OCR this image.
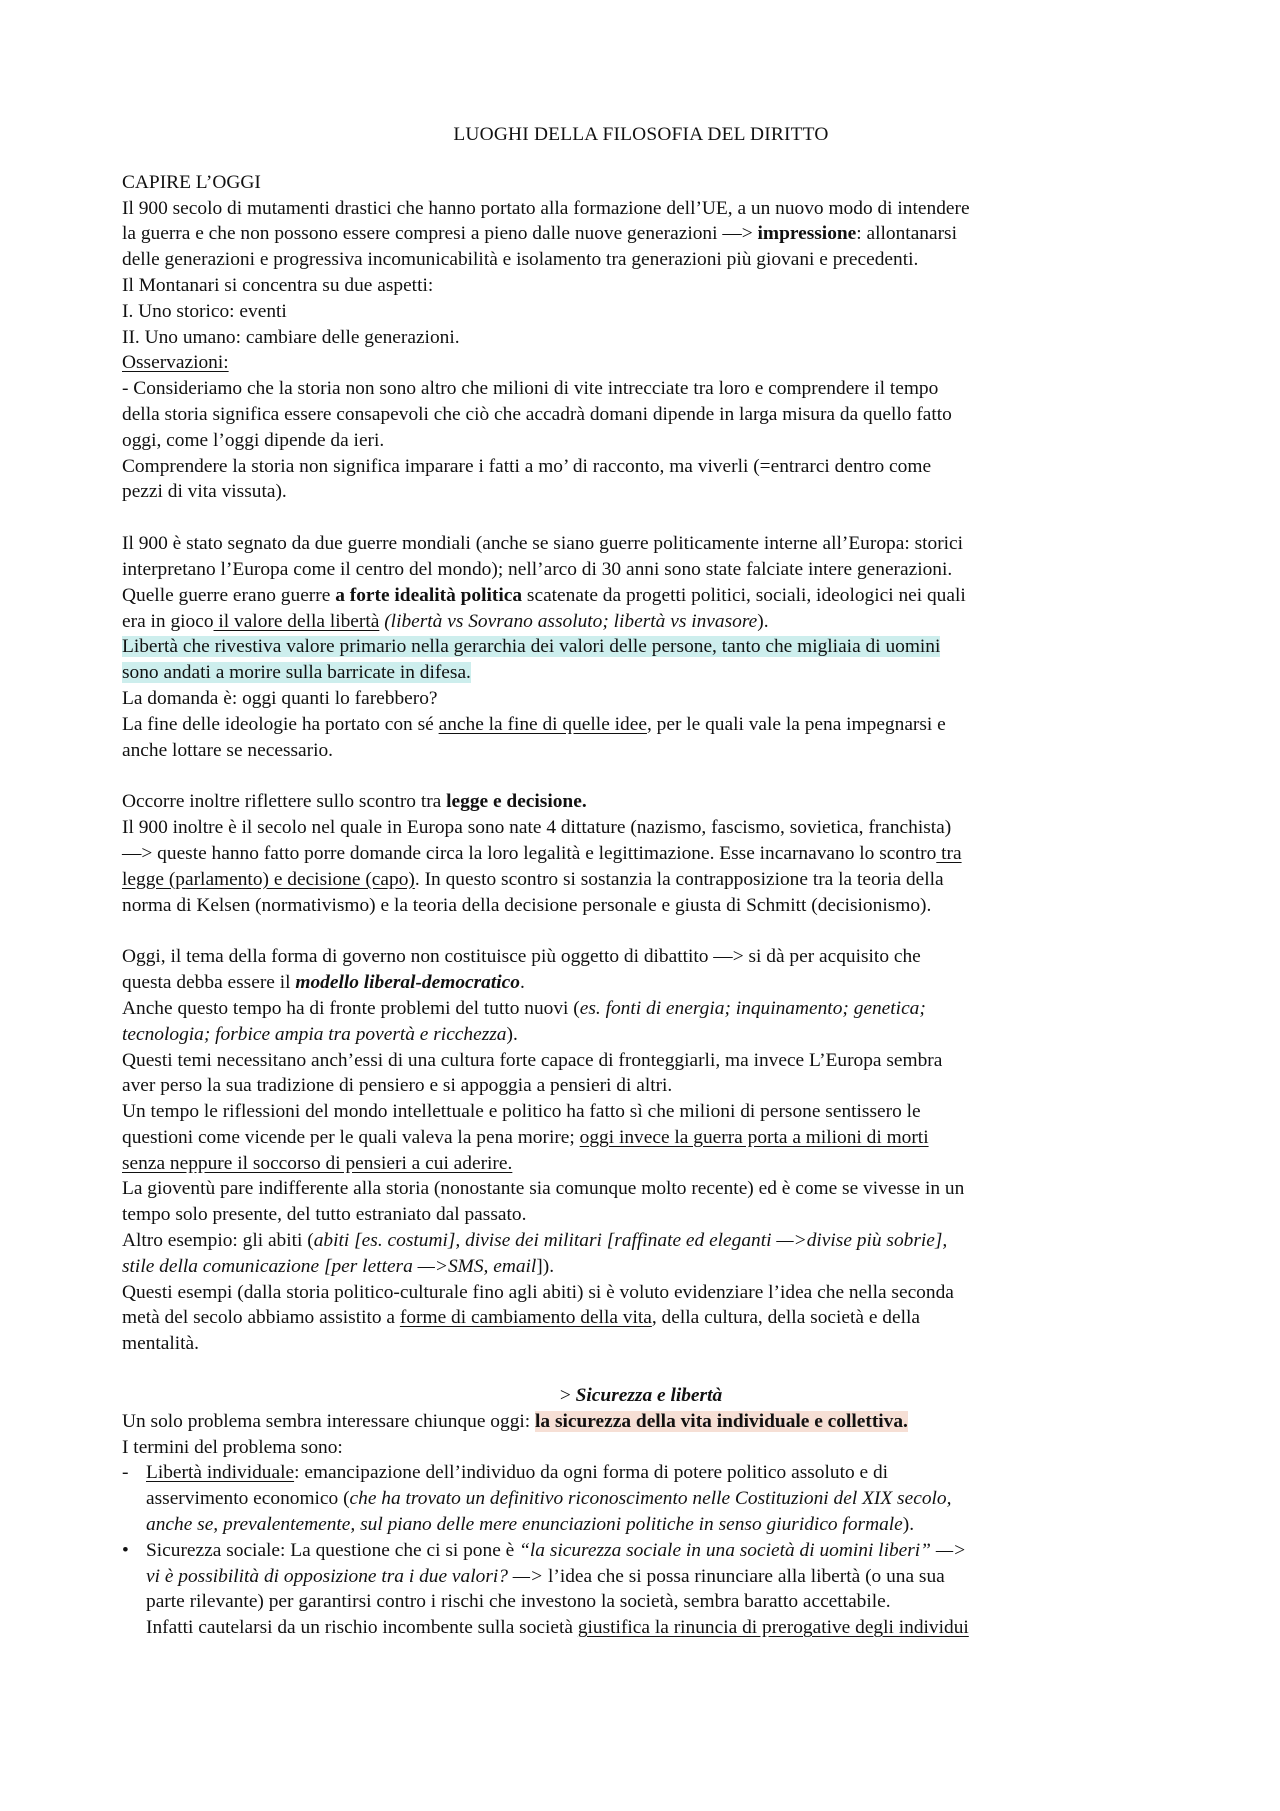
LUOGHI DELLA FILOSOFIA DEL DIRITTO
CAPIRE L’OGGI
Il 900 secolo di mutamenti drastici che hanno portato alla formazione dell’UE, a un nuovo modo di intendere
la guerra e che non possono essere compresi a pieno dalle nuove generazioni —> impressione: allontanarsi
delle generazioni e progressiva incomunicabilità e isolamento tra generazioni più giovani e precedenti.
Il Montanari si concentra su due aspetti:
I. Uno storico: eventi
II. Uno umano: cambiare delle generazioni.
Osservazioni:
- Consideriamo che la storia non sono altro che milioni di vite intrecciate tra loro e comprendere il tempo
della storia significa essere consapevoli che ciò che accadrà domani dipende in larga misura da quello fatto
oggi, come l’oggi dipende da ieri.
Comprendere la storia non significa imparare i fatti a mo’ di racconto, ma viverli (=entrarci dentro come
pezzi di vita vissuta).
Il 900 è stato segnato da due guerre mondiali (anche se siano guerre politicamente interne all’Europa: storici
interpretano l’Europa come il centro del mondo); nell’arco di 30 anni sono state falciate intere generazioni.
Quelle guerre erano guerre a forte idealità politica scatenate da progetti politici, sociali, ideologici nei quali
era in gioco il valore della libertà (libertà vs Sovrano assoluto; libertà vs invasore).
Libertà che rivestiva valore primario nella gerarchia dei valori delle persone, tanto che migliaia di uomini
sono andati a morire sulla barricate in difesa.
La domanda è: oggi quanti lo farebbero?
La fine delle ideologie ha portato con sé anche la fine di quelle idee, per le quali vale la pena impegnarsi e
anche lottare se necessario.
Occorre inoltre riflettere sullo scontro tra legge e decisione.
Il 900 inoltre è il secolo nel quale in Europa sono nate 4 dittature (nazismo, fascismo, sovietica, franchista)
—> queste hanno fatto porre domande circa la loro legalità e legittimazione. Esse incarnavano lo scontro tra
legge (parlamento) e decisione (capo). In questo scontro si sostanzia la contrapposizione tra la teoria della
norma di Kelsen (normativismo) e la teoria della decisione personale e giusta di Schmitt (decisionismo).
Oggi, il tema della forma di governo non costituisce più oggetto di dibattito —> si dà per acquisito che
questa debba essere il modello liberal-democratico.
Anche questo tempo ha di fronte problemi del tutto nuovi (es. fonti di energia; inquinamento; genetica;
tecnologia; forbice ampia tra povertà e ricchezza).
Questi temi necessitano anch’essi di una cultura forte capace di fronteggiarli, ma invece L’Europa sembra
aver perso la sua tradizione di pensiero e si appoggia a pensieri di altri.
Un tempo le riflessioni del mondo intellettuale e politico ha fatto sì che milioni di persone sentissero le
questioni come vicende per le quali valeva la pena morire; oggi invece la guerra porta a milioni di morti
senza neppure il soccorso di pensieri a cui aderire.
La gioventù pare indifferente alla storia (nonostante sia comunque molto recente) ed è come se vivesse in un
tempo solo presente, del tutto estraniato dal passato.
Altro esempio: gli abiti (abiti [es. costumi], divise dei militari [raffinate ed eleganti —>divise più sobrie],
stile della comunicazione [per lettera —>SMS, email]).
Questi esempi (dalla storia politico-culturale fino agli abiti) si è voluto evidenziare l’idea che nella seconda
metà del secolo abbiamo assistito a forme di cambiamento della vita, della cultura, della società e della
mentalità.
> Sicurezza e libertà
Un solo problema sembra interessare chiunque oggi: la sicurezza della vita individuale e collettiva.
I termini del problema sono:
- Libertà individuale: emancipazione dell’individuo da ogni forma di potere politico assoluto e di
asservimento economico (che ha trovato un definitivo riconoscimento nelle Costituzioni del XIX secolo,
anche se, prevalentemente, sul piano delle mere enunciazioni politiche in senso giuridico formale).
• Sicurezza sociale: La questione che ci si pone è “la sicurezza sociale in una società di uomini liberi” —>
vi è possibilità di opposizione tra i due valori? —> l’idea che si possa rinunciare alla libertà (o una sua
parte rilevante) per garantirsi contro i rischi che investono la società, sembra baratto accettabile.
Infatti cautelarsi da un rischio incombente sulla società giustifica la rinuncia di prerogative degli individui
